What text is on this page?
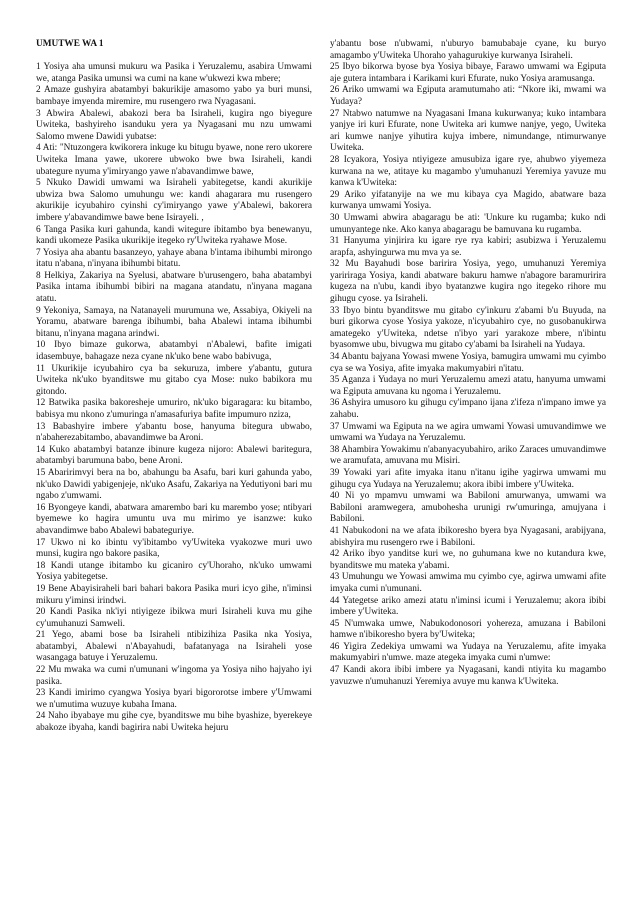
UMUTWE WA 1

1 Yosiya aha umunsi mukuru wa Pasika i Yeruzalemu, asabira Umwami we, atanga Pasika umunsi wa cumi na kane w'ukwezi kwa mbere;

2 Amaze gushyira abatambyi bakurikije amasomo yabo ya buri munsi, bambaye imyenda miremire, mu rusengero rwa Nyagasani.

3 Abwira Abalewi, abakozi bera ba Isiraheli, kugira ngo biyegure Uwiteka, bashyireho isanduku yera ya Nyagasani mu nzu umwami Salomo mwene Dawidi yubatse:

4 Ati: "Ntuzongera kwikorera inkuge ku bitugu byawe, none rero ukorere Uwiteka Imana yawe, ukorere ubwoko bwe bwa Isiraheli, kandi ubategure nyuma y'imiryango yawe n'abavandimwe bawe,

5 Nkuko Dawidi umwami wa Isiraheli yabitegetse, kandi akurikije ubwiza bwa Salomo umuhungu we: kandi ahagarara mu rusengero akurikije icyubahiro cyinshi cy'imiryango yawe y'Abalewi, bakorera imbere y'abavandimwe bawe bene Isirayeli. ,

6 Tanga Pasika kuri gahunda, kandi witegure ibitambo bya benewanyu, kandi ukomeze Pasika ukurikije itegeko ry'Uwiteka ryahawe Mose.

7 Yosiya aha abantu basanzeyo, yahaye abana b'intama ibihumbi mirongo itatu n'abana, n'inyana ibihumbi bitatu.

8 Helkiya, Zakariya na Syelusi, abatware b'urusengero, baha abatambyi Pasika intama ibihumbi bibiri na magana atandatu, n'inyana magana atatu.

9 Yekoniya, Samaya, na Natanayeli murumuna we, Assabiya, Okiyeli na Yoramu, abatware barenga ibihumbi, baha Abalewi intama ibihumbi bitanu, n'inyana magana arindwi.

10 Ibyo bimaze gukorwa, abatambyi n'Abalewi, bafite imigati idasembuye, bahagaze neza cyane nk'uko bene wabo babivuga,

11 Ukurikije icyubahiro cya ba sekuruza, imbere y'abantu, gutura Uwiteka nk'uko byanditswe mu gitabo cya Mose: nuko babikora mu gitondo.

12 Batwika pasika bakoresheje umuriro, nk'uko bigaragara: ku bitambo, babisya mu nkono z'umuringa n'amasafuriya bafite impumuro nziza,

13 Babashyire imbere y'abantu bose, hanyuma bitegura ubwabo, n'abaherezabitambo, abavandimwe ba Aroni.

14 Kuko abatambyi batanze ibinure kugeza nijoro: Abalewi baritegura, abatambyi barumuna babo, bene Aroni.

15 Abaririmvyi bera na bo, abahungu ba Asafu, bari kuri gahunda yabo, nk'uko Dawidi yabigenjeje, nk'uko Asafu, Zakariya na Yedutiyoni bari mu ngabo z'umwami.

16 Byongeye kandi, abatwara amarembo bari ku marembo yose; ntibyari byemewe ko hagira umuntu uva mu mirimo ye isanzwe: kuko abavandimwe babo Abalewi babateguriye.

17 Ukwo ni ko ibintu vy'ibitambo vy'Uwiteka vyakozwe muri uwo munsi, kugira ngo bakore pasika,

18 Kandi utange ibitambo ku gicaniro cy'Uhoraho, nk'uko umwami Yosiya yabitegetse.

19 Bene Abayisiraheli bari bahari bakora Pasika muri icyo gihe, n'iminsi mikuru y'iminsi irindwi.

20 Kandi Pasika nk'iyi ntiyigeze ibikwa muri Isiraheli kuva mu gihe cy'umuhanuzi Samweli.

21 Yego, abami bose ba Isiraheli ntibizihiza Pasika nka Yosiya, abatambyi, Abalewi n'Abayahudi, bafatanyaga na Isiraheli yose wasangaga batuye i Yeruzalemu.

22 Mu mwaka wa cumi n'umunani w'ingoma ya Yosiya niho hajyaho iyi pasika.

23 Kandi imirimo cyangwa Yosiya byari bigororotse imbere y'Umwami we n'umutima wuzuye kubaha Imana.

24 Naho ibyabaye mu gihe cye, byanditswe mu bihe byashize, byerekeye abakoze ibyaha, kandi bagirira nabi Uwiteka hejuru

y'abantu bose n'ubwami, n'uburyo bamubabaje cyane, ku buryo amagambo y'Uwiteka Uhoraho yahagurukiye kurwanya Isiraheli.

25 Ibyo bikorwa byose bya Yosiya bibaye, Farawo umwami wa Egiputa aje gutera intambara i Karikami kuri Efurate, nuko Yosiya aramusanga.

26 Ariko umwami wa Egiputa aramutumaho ati: “Nkore iki, mwami wa Yudaya?

27 Ntabwo natumwe na Nyagasani Imana kukurwanya; kuko intambara yanjye iri kuri Efurate, none Uwiteka ari kumwe nanjye, yego, Uwiteka ari kumwe nanjye yihutira kujya imbere, nimundange, ntimurwanye Uwiteka.

28 Icyakora, Yosiya ntiyigeze amusubiza igare rye, ahubwo yiyemeza kurwana na we, atitaye ku magambo y'umuhanuzi Yeremiya yavuze mu kanwa k'Uwiteka:

29 Ariko yifatanyije na we mu kibaya cya Magido, abatware baza kurwanya umwami Yosiya.

30 Umwami abwira abagaragu be ati: 'Unkure ku rugamba; kuko ndi umunyantege nke. Ako kanya abagaragu be bamuvana ku rugamba.

31 Hanyuma yinjirira ku igare rye rya kabiri; asubizwa i Yeruzalemu arapfa, ashyingurwa mu mva ya se.

32 Mu Bayahudi bose baririra Yosiya, yego, umuhanuzi Yeremiya yaririraga Yosiya, kandi abatware bakuru hamwe n'abagore baramuririra kugeza na n'ubu, kandi ibyo byatanzwe kugira ngo itegeko rihore mu gihugu cyose. ya Isiraheli.

33 Ibyo bintu byanditswe mu gitabo cy'inkuru z'abami b'u Buyuda, na buri gikorwa cyose Yosiya yakoze, n'icyubahiro cye, no gusobanukirwa amategeko y'Uwiteka, ndetse n'ibyo yari yarakoze mbere, n'ibintu byasomwe ubu, bivugwa mu gitabo cy'abami ba Isiraheli na Yudaya.

34 Abantu bajyana Yowasi mwene Yosiya, bamugira umwami mu cyimbo cya se wa Yosiya, afite imyaka makumyabiri n'itatu.

35 Aganza i Yudaya no muri Yeruzalemu amezi atatu, hanyuma umwami wa Egiputa amuvana ku ngoma i Yeruzalemu.

36 Ashyira umusoro ku gihugu cy'impano ijana z'ifeza n'impano imwe ya zahabu.

37 Umwami wa Egiputa na we agira umwami Yowasi umuvandimwe we umwami wa Yudaya na Yeruzalemu.

38 Ahambira Yowakimu n'abanyacyubahiro, ariko Zaraces umuvandimwe we aramufata, amuvana mu Misiri.

39 Yowaki yari afite imyaka itanu n'itanu igihe yagirwa umwami mu gihugu cya Yudaya na Yeruzalemu; akora ibibi imbere y'Uwiteka.

40 Ni yo mpamvu umwami wa Babiloni amurwanya, umwami wa Babiloni aramwegera, amubohesha urunigi rw'umuringa, amujyana i Babiloni.

41 Nabukodoni na we afata ibikoresho byera bya Nyagasani, arabijyana, abishyira mu rusengero rwe i Babiloni.

42 Ariko ibyo yanditse kuri we, no guhumana kwe no kutandura kwe, byanditswe mu mateka y'abami.

43 Umuhungu we Yowasi amwima mu cyimbo cye, agirwa umwami afite imyaka cumi n'umunani.

44 Yategetse ariko amezi atatu n'iminsi icumi i Yeruzalemu; akora ibibi imbere y'Uwiteka.

45 N'umwaka umwe, Nabukodonosori yohereza, amuzana i Babiloni hamwe n'ibikoresho byera by'Uwiteka;

46 Yigira Zedekiya umwami wa Yudaya na Yeruzalemu, afite imyaka makumyabiri n'umwe. maze ategeka imyaka cumi n'umwe:

47 Kandi akora ibibi imbere ya Nyagasani, kandi ntiyita ku magambo yavuzwe n'umuhanuzi Yeremiya avuye mu kanwa k'Uwiteka.
